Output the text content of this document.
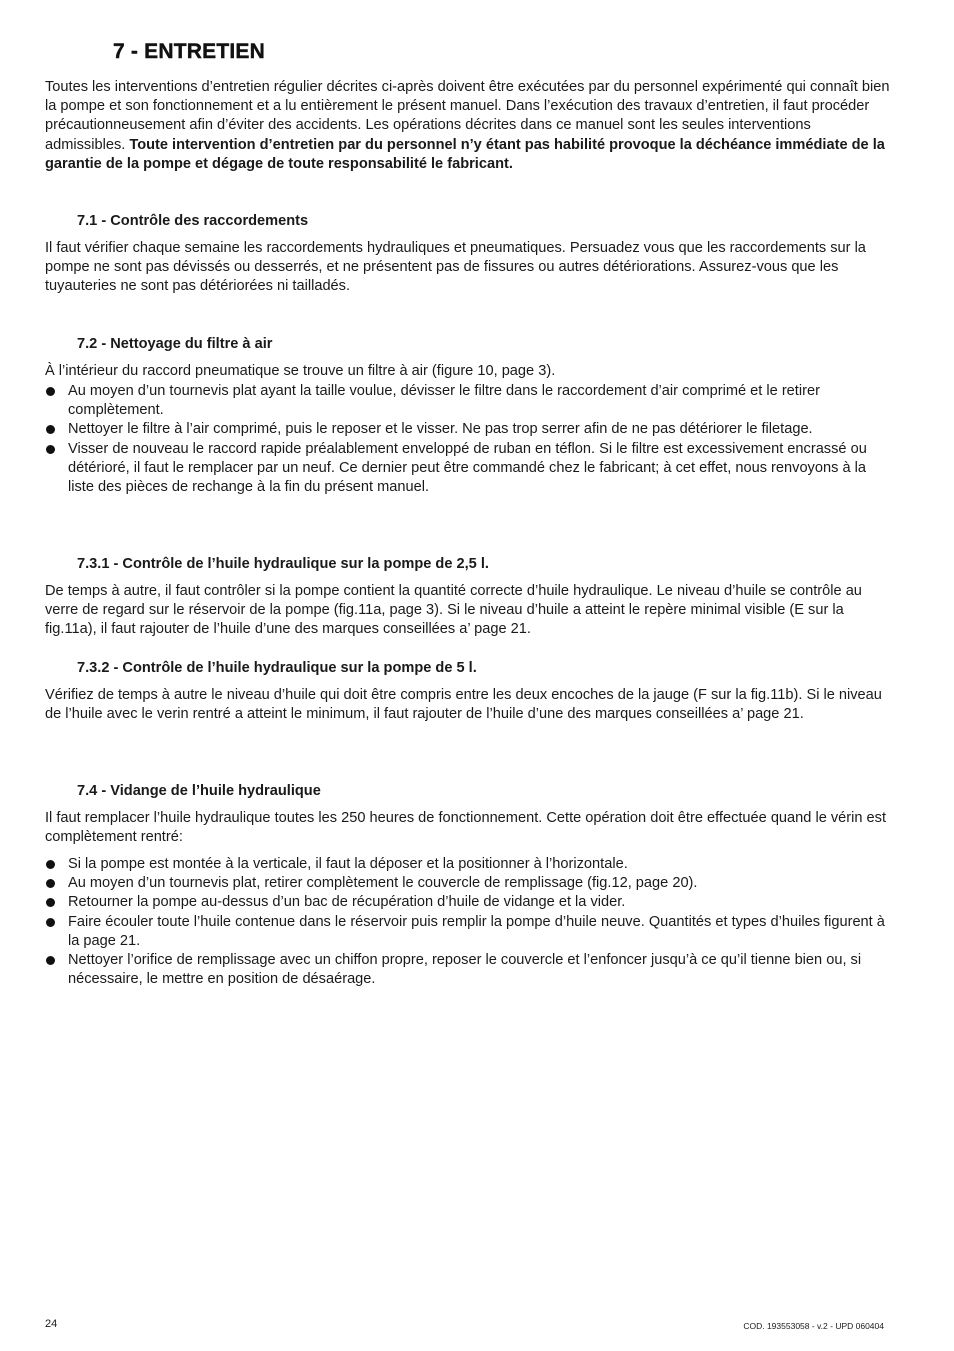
7 - ENTRETIEN

Toutes les interventions d’entretien régulier décrites ci-après doivent être exécutées par du personnel expérimenté qui connaît bien la pompe et son fonctionnement et a lu entièrement le présent manuel. Dans l’exécution des travaux d’entretien, il faut procéder précautionneusement afin d’éviter des accidents. Les opérations décrites dans ce manuel sont les seules interventions admissibles. Toute intervention d’entretien par du personnel n’y étant pas habilité provoque la déchéance immédiate de la garantie de la pompe et dégage de toute responsabilité le fabricant.

7.1 - Contrôle des raccordements

Il faut vérifier chaque semaine les raccordements hydrauliques et pneumatiques. Persuadez vous que les raccordements sur la pompe ne sont pas dévissés ou desserrés, et ne présentent pas de fissures ou autres détériorations. Assurez-vous que les tuyauteries ne sont pas détériorées ni tailladés.

7.2 - Nettoyage du filtre à air

À l’intérieur du raccord pneumatique se trouve un filtre à air (figure 10, page 3).

Au moyen d’un tournevis plat ayant la taille voulue, dévisser le filtre dans le raccordement d’air comprimé et le retirer complètement.
Nettoyer le filtre à l’air comprimé, puis le reposer et le visser. Ne pas trop serrer afin de ne pas détériorer le filetage.
Visser de nouveau le raccord rapide préalablement enveloppé de ruban en téflon. Si le filtre est excessivement encrassé ou détérioré, il faut le remplacer par un neuf. Ce dernier peut être commandé chez le fabricant; à cet effet, nous renvoyons à la liste des pièces de rechange à la fin du présent manuel.
7.3.1 - Contrôle de l’huile hydraulique sur la pompe de 2,5 l.

De temps à autre, il faut contrôler si la pompe contient la quantité correcte d’huile hydraulique. Le niveau d’huile se contrôle au verre de regard sur le réservoir de la pompe (fig.11a, page 3). Si le niveau d’huile a atteint le repère minimal visible (E sur la fig.11a), il faut rajouter de l’huile d’une des marques conseillées a’ page 21.

7.3.2 - Contrôle de l’huile hydraulique sur la pompe de 5 l.

Vérifiez de temps à autre le niveau d’huile qui doit être compris entre les deux encoches de la jauge (F sur la fig.11b). Si le niveau de l’huile avec le verin rentré a atteint le minimum, il faut rajouter de l’huile d’une des marques conseillées a’ page 21.

7.4 - Vidange de l’huile hydraulique

Il faut remplacer l’huile hydraulique toutes les 250 heures de fonctionnement. Cette opération doit être effectuée quand le vérin est complètement rentré:

Si la pompe est montée à la verticale, il faut la déposer et la positionner à l’horizontale.
Au moyen d’un tournevis plat, retirer complètement le couvercle de remplissage (fig.12, page 20).
Retourner la pompe au-dessus d’un bac de récupération d’huile de vidange et la vider.
Faire écouler toute l’huile contenue dans le réservoir puis remplir la pompe d’huile neuve. Quantités et types d’huiles figurent à la page 21.
Nettoyer l’orifice de remplissage avec un chiffon propre, reposer le couvercle et l’enfoncer jusqu’à ce qu’il tienne bien ou, si nécessaire, le mettre en position de désaérage.

24	COD. 193553058 - v.2 - UPD 060404
